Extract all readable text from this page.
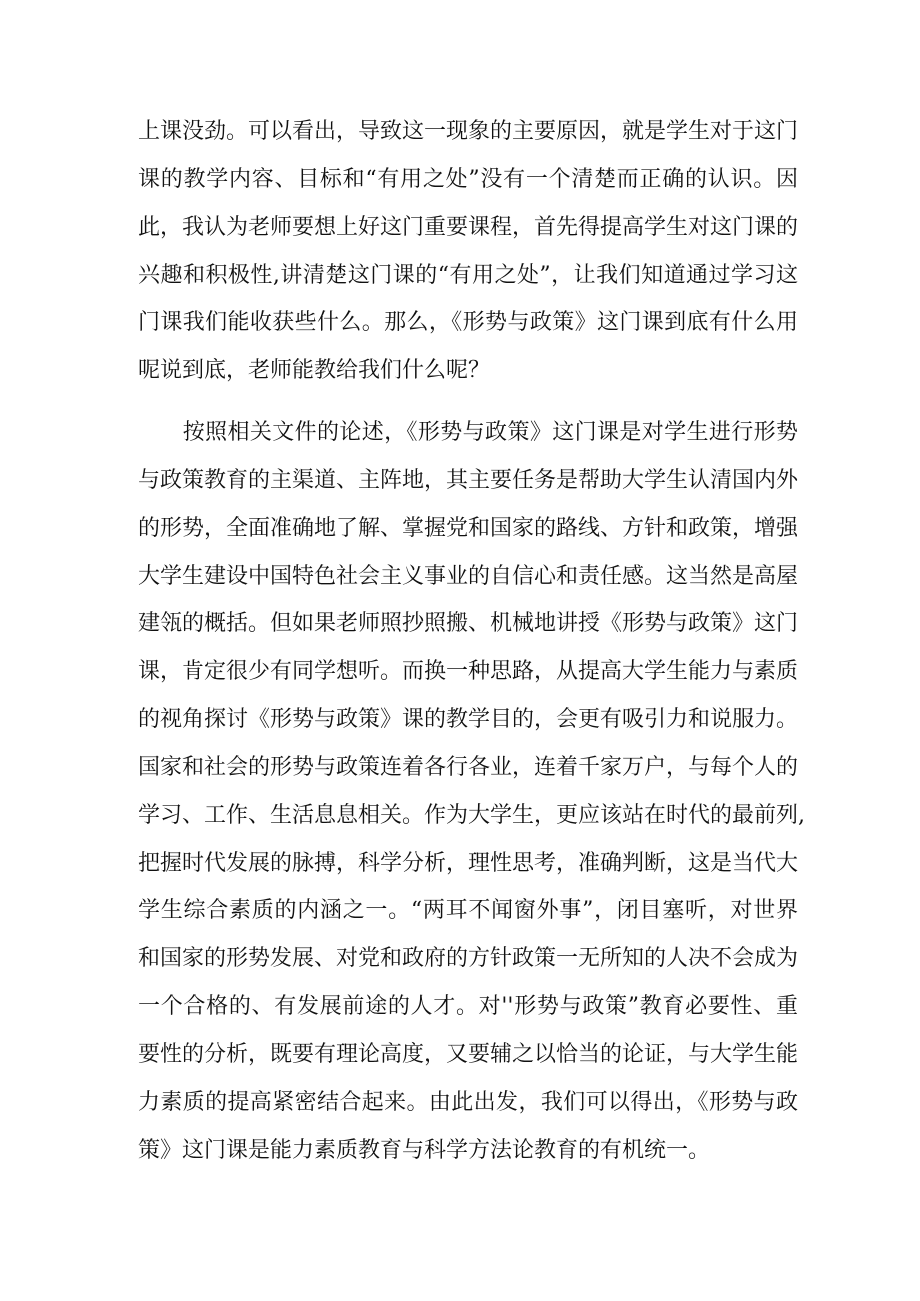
上课没劲。可以看出，导致这一现象的主要原因，就是学生对于这门
课的教学内容、目标和“有用之处”没有一个清楚而正确的认识。因
此，我认为老师要想上好这门重要课程，首先得提高学生对这门课的
兴趣和积极性,讲清楚这门课的“有用之处”，让我们知道通过学习这
门课我们能收获些什么。那么，《形势与政策》这门课到底有什么用
呢说到底，老师能教给我们什么呢？
　　按照相关文件的论述，《形势与政策》这门课是对学生进行形势
与政策教育的主渠道、主阵地，其主要任务是帮助大学生认清国内外
的形势，全面准确地了解、掌握党和国家的路线、方针和政策，增强
大学生建设中国特色社会主义事业的自信心和责任感。这当然是高屋
建瓴的概括。但如果老师照抄照搬、机械地讲授《形势与政策》这门
课，肯定很少有同学想听。而换一种思路，从提高大学生能力与素质
的视角探讨《形势与政策》课的教学目的，会更有吸引力和说服力。
国家和社会的形势与政策连着各行各业，连着千家万户，与每个人的
学习、工作、生活息息相关。作为大学生，更应该站在时代的最前列,
把握时代发展的脉搏，科学分析，理性思考，准确判断，这是当代大
学生综合素质的内涵之一。“两耳不闻窗外事”，闭目塞听，对世界
和国家的形势发展、对党和政府的方针政策一无所知的人决不会成为
一个合格的、有发展前途的人才。对''形势与政策”教育必要性、重
要性的分析，既要有理论高度，又要辅之以恰当的论证，与大学生能
力素质的提高紧密结合起来。由此出发，我们可以得出，《形势与政
策》这门课是能力素质教育与科学方法论教育的有机统一。
